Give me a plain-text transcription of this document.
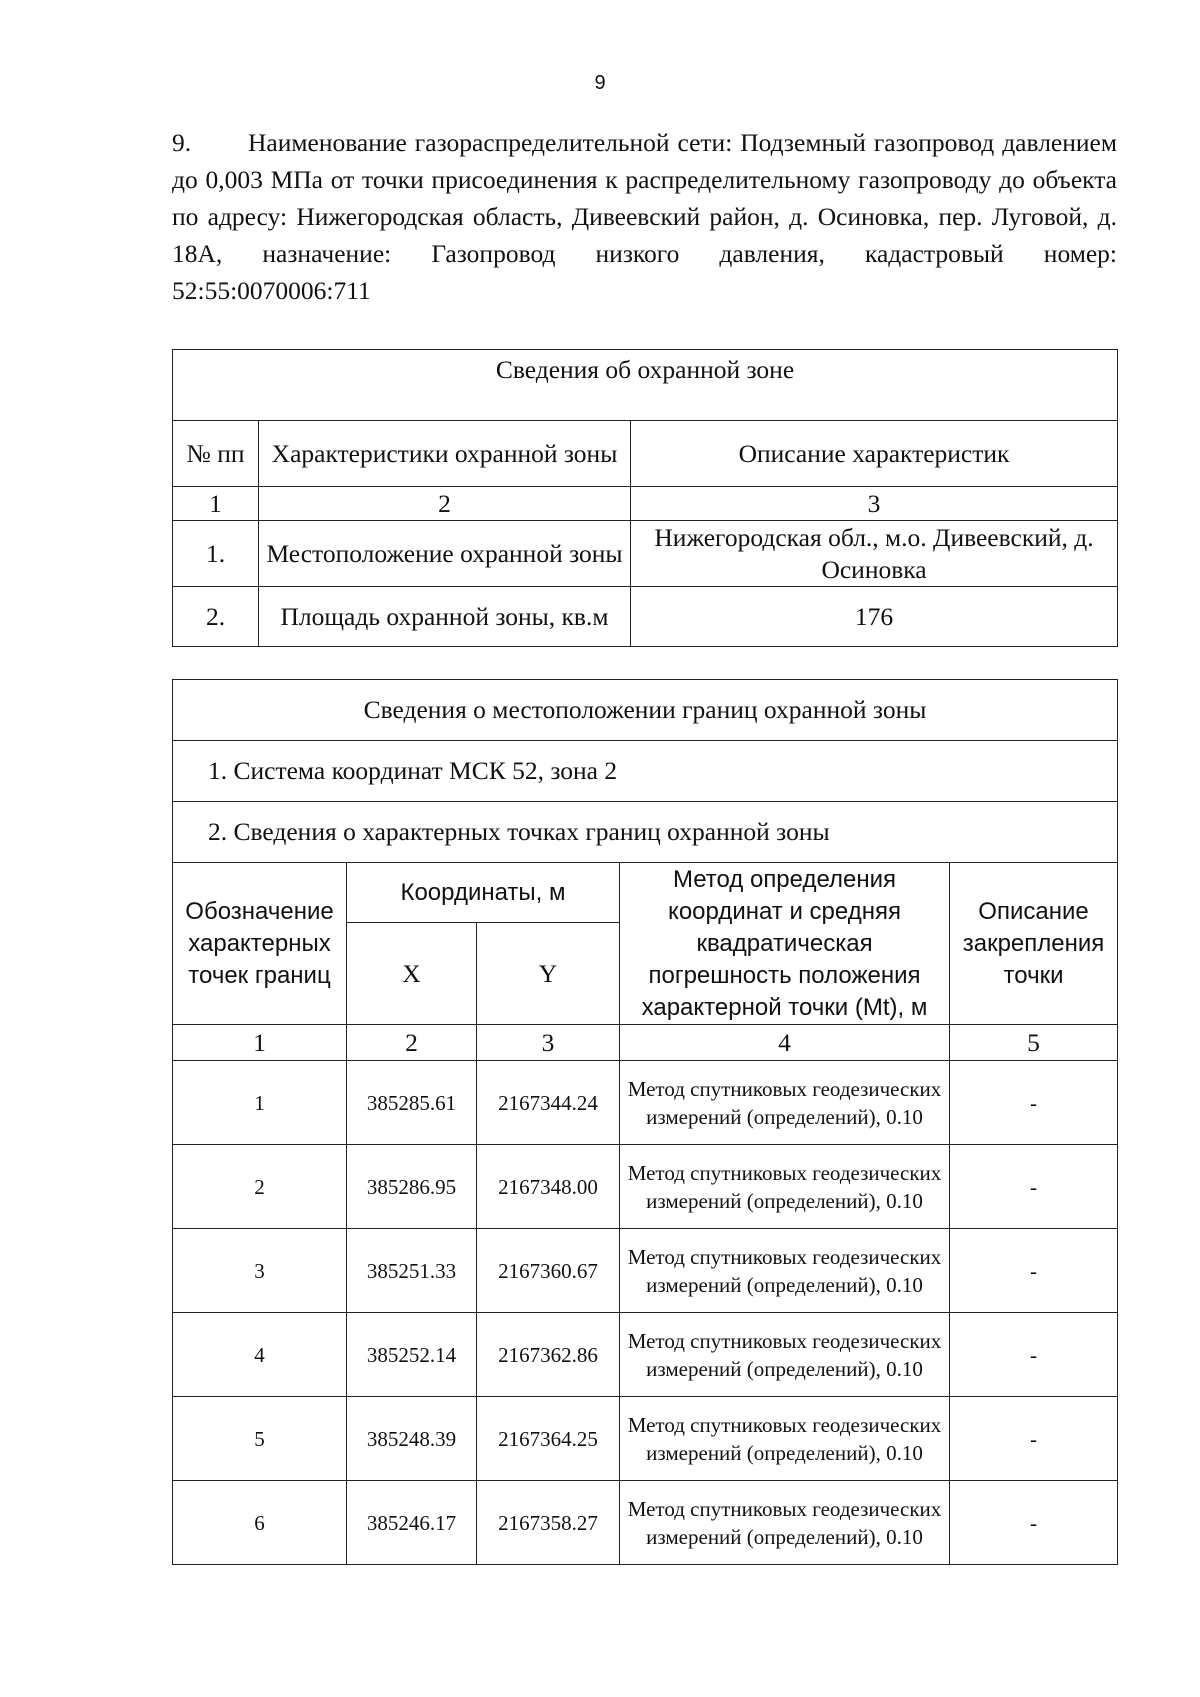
9
9. Наименование газораспределительной сети: Подземный газопровод давлением до 0,003 МПа от точки присоединения к распределительному газопроводу до объекта по адресу: Нижегородская область, Дивеевский район, д. Осиновка, пер. Луговой, д. 18А, назначение: Газопровод низкого давления, кадастровый номер: 52:55:0070006:711
Сведения об охранной зоне		
№ пп	Характеристики охранной зоны	Описание характеристик
1	2	3
1.	Местоположение охранной зоны	Нижегородская обл., м.о. Дивеевский, д. Осиновка
2.	Площадь охранной зоны, кв.м	176
Сведения о местоположении границ охранной зоны				
1. Система координат МСК 52, зона 2				
2. Сведения о характерных точках границ охранной зоны				
Обозначение характерных точек границ	Координаты, м		Метод определения координат и средняя квадратическая погрешность положения характерной точки (Mt), м	Описание закрепления точки
	X	Y		
1	2	3	4	5
1	385285.61	2167344.24	Метод спутниковых геодезических измерений (определений), 0.10	-
2	385286.95	2167348.00	Метод спутниковых геодезических измерений (определений), 0.10	-
3	385251.33	2167360.67	Метод спутниковых геодезических измерений (определений), 0.10	-
4	385252.14	2167362.86	Метод спутниковых геодезических измерений (определений), 0.10	-
5	385248.39	2167364.25	Метод спутниковых геодезических измерений (определений), 0.10	-
6	385246.17	2167358.27	Метод спутниковых геодезических измерений (определений), 0.10	-
